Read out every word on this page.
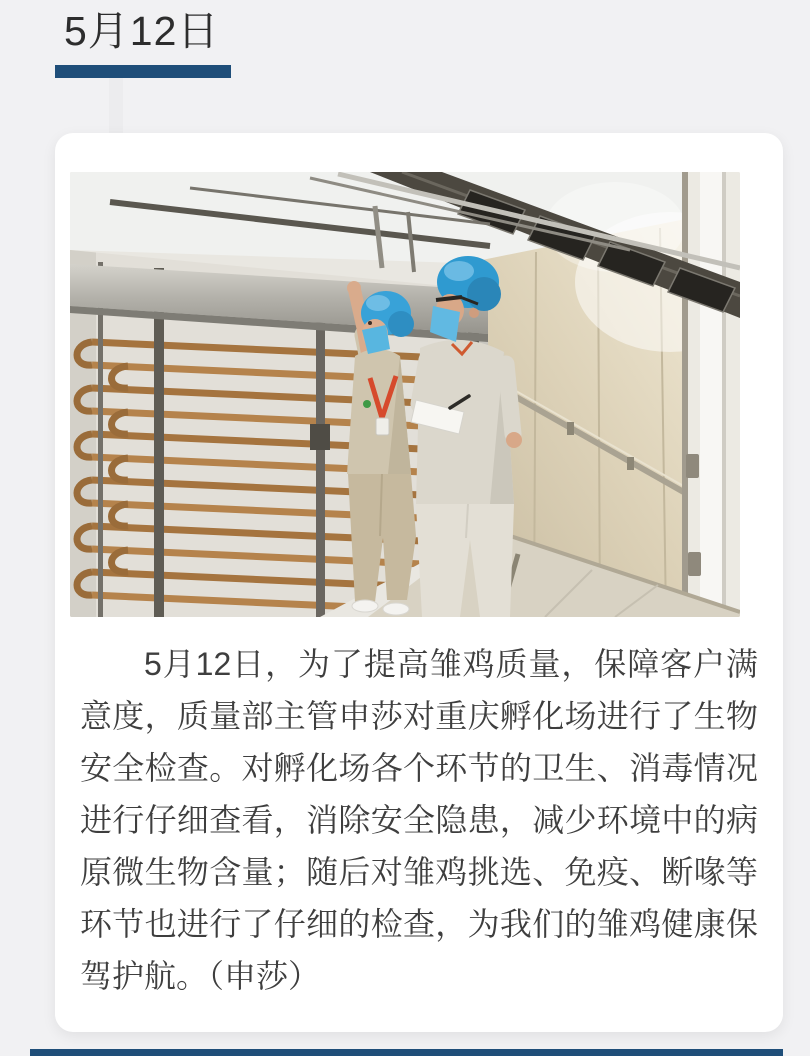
5月12日

5月12日，为了提高雏鸡质量，保障客户满意度，质量部主管申莎对重庆孵化场进行了生物安全检查。对孵化场各个环节的卫生、消毒情况进行仔细查看，消除安全隐患，减少环境中的病原微生物含量；随后对雏鸡挑选、免疫、断喙等环节也进行了仔细的检查，为我们的雏鸡健康保驾护航。（申莎）
